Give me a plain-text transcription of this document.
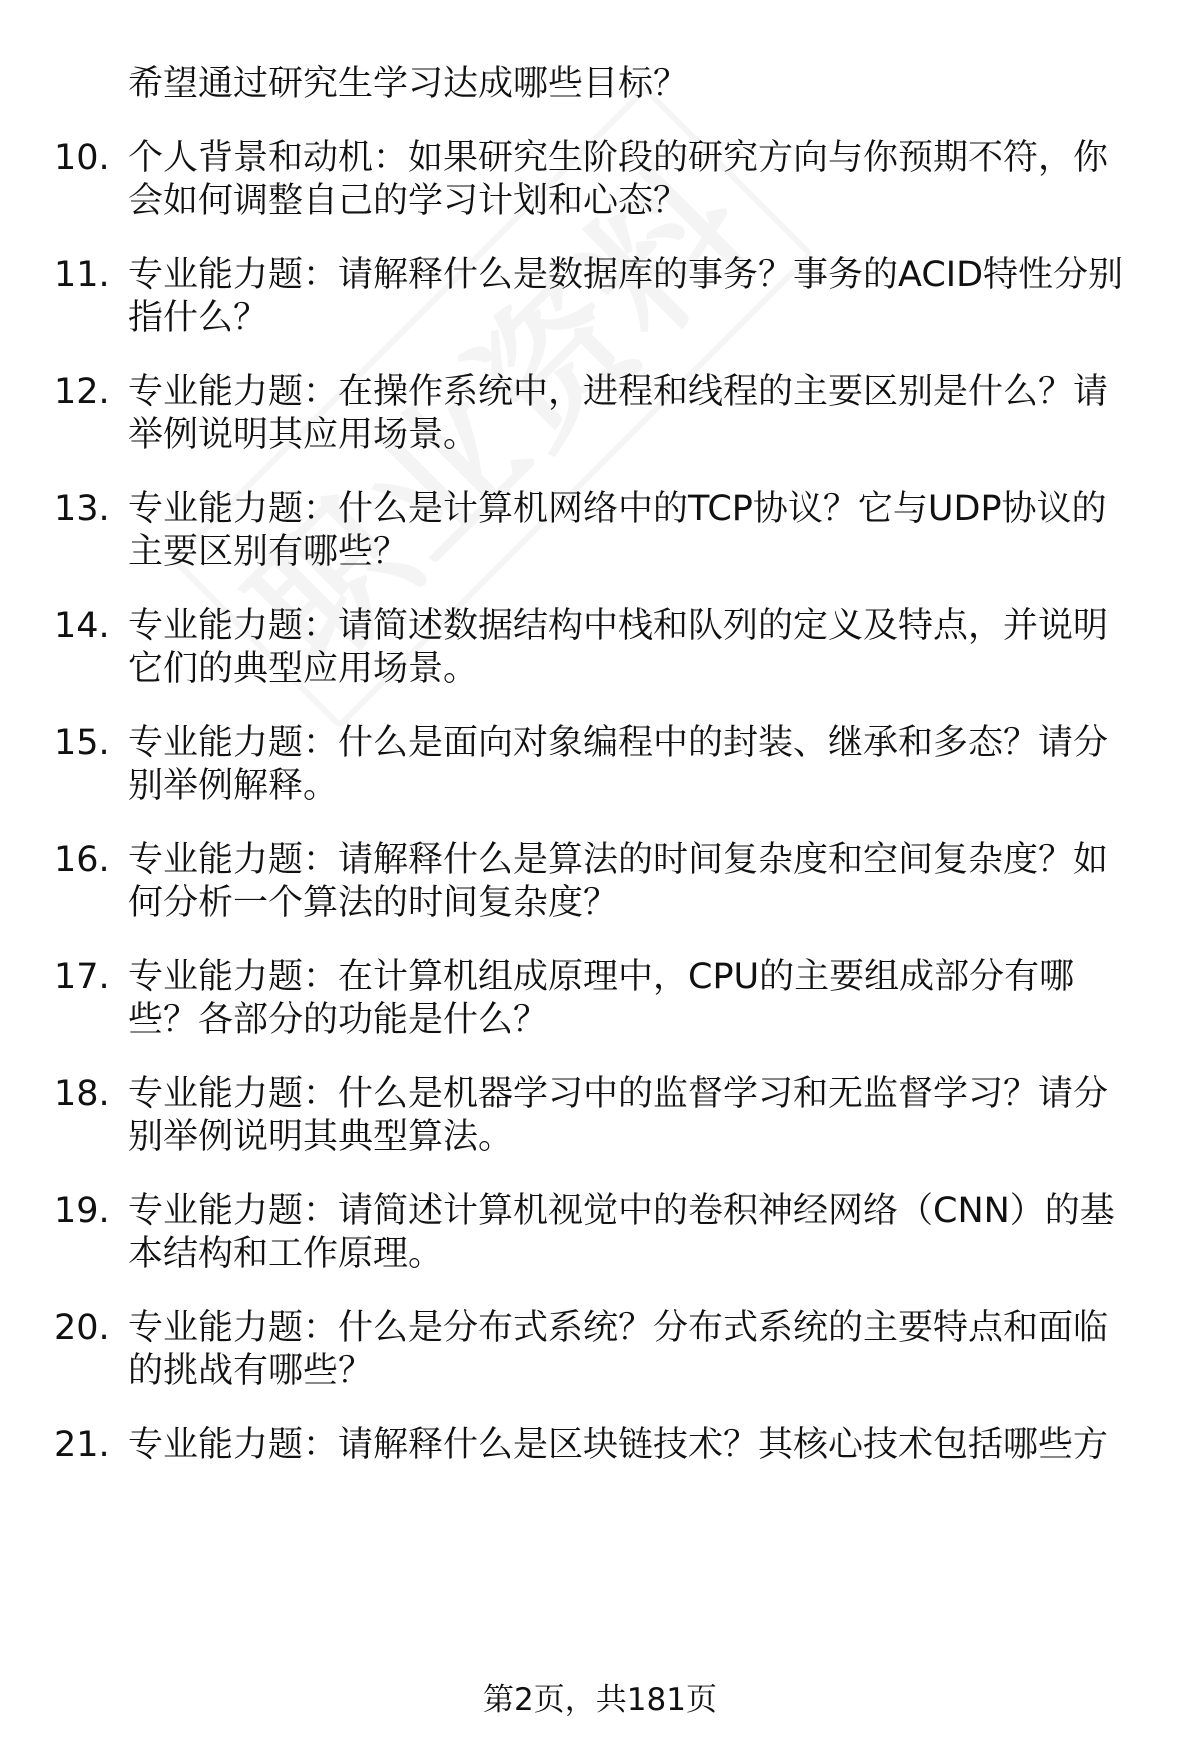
希望通过研究生学习达成哪些目标？
10. 个人背景和动机：如果研究生阶段的研究方向与你预期不符，你
会如何调整自己的学习计划和心态？
11. 专业能力题：请解释什么是数据库的事务？事务的ACID特性分别
指什么？
12. 专业能力题：在操作系统中，进程和线程的主要区别是什么？请
举例说明其应用场景。
13. 专业能力题：什么是计算机网络中的TCP协议？它与UDP协议的
主要区别有哪些？
14. 专业能力题：请简述数据结构中栈和队列的定义及特点，并说明
它们的典型应用场景。
15. 专业能力题：什么是面向对象编程中的封装、继承和多态？请分
别举例解释。
16. 专业能力题：请解释什么是算法的时间复杂度和空间复杂度？如
何分析一个算法的时间复杂度？
17. 专业能力题：在计算机组成原理中，CPU的主要组成部分有哪
些？各部分的功能是什么？
18. 专业能力题：什么是机器学习中的监督学习和无监督学习？请分
别举例说明其典型算法。
19. 专业能力题：请简述计算机视觉中的卷积神经网络（CNN）的基
本结构和工作原理。
20. 专业能力题：什么是分布式系统？分布式系统的主要特点和面临
的挑战有哪些？
21. 专业能力题：请解释什么是区块链技术？其核心技术包括哪些方
第2页，共181页
